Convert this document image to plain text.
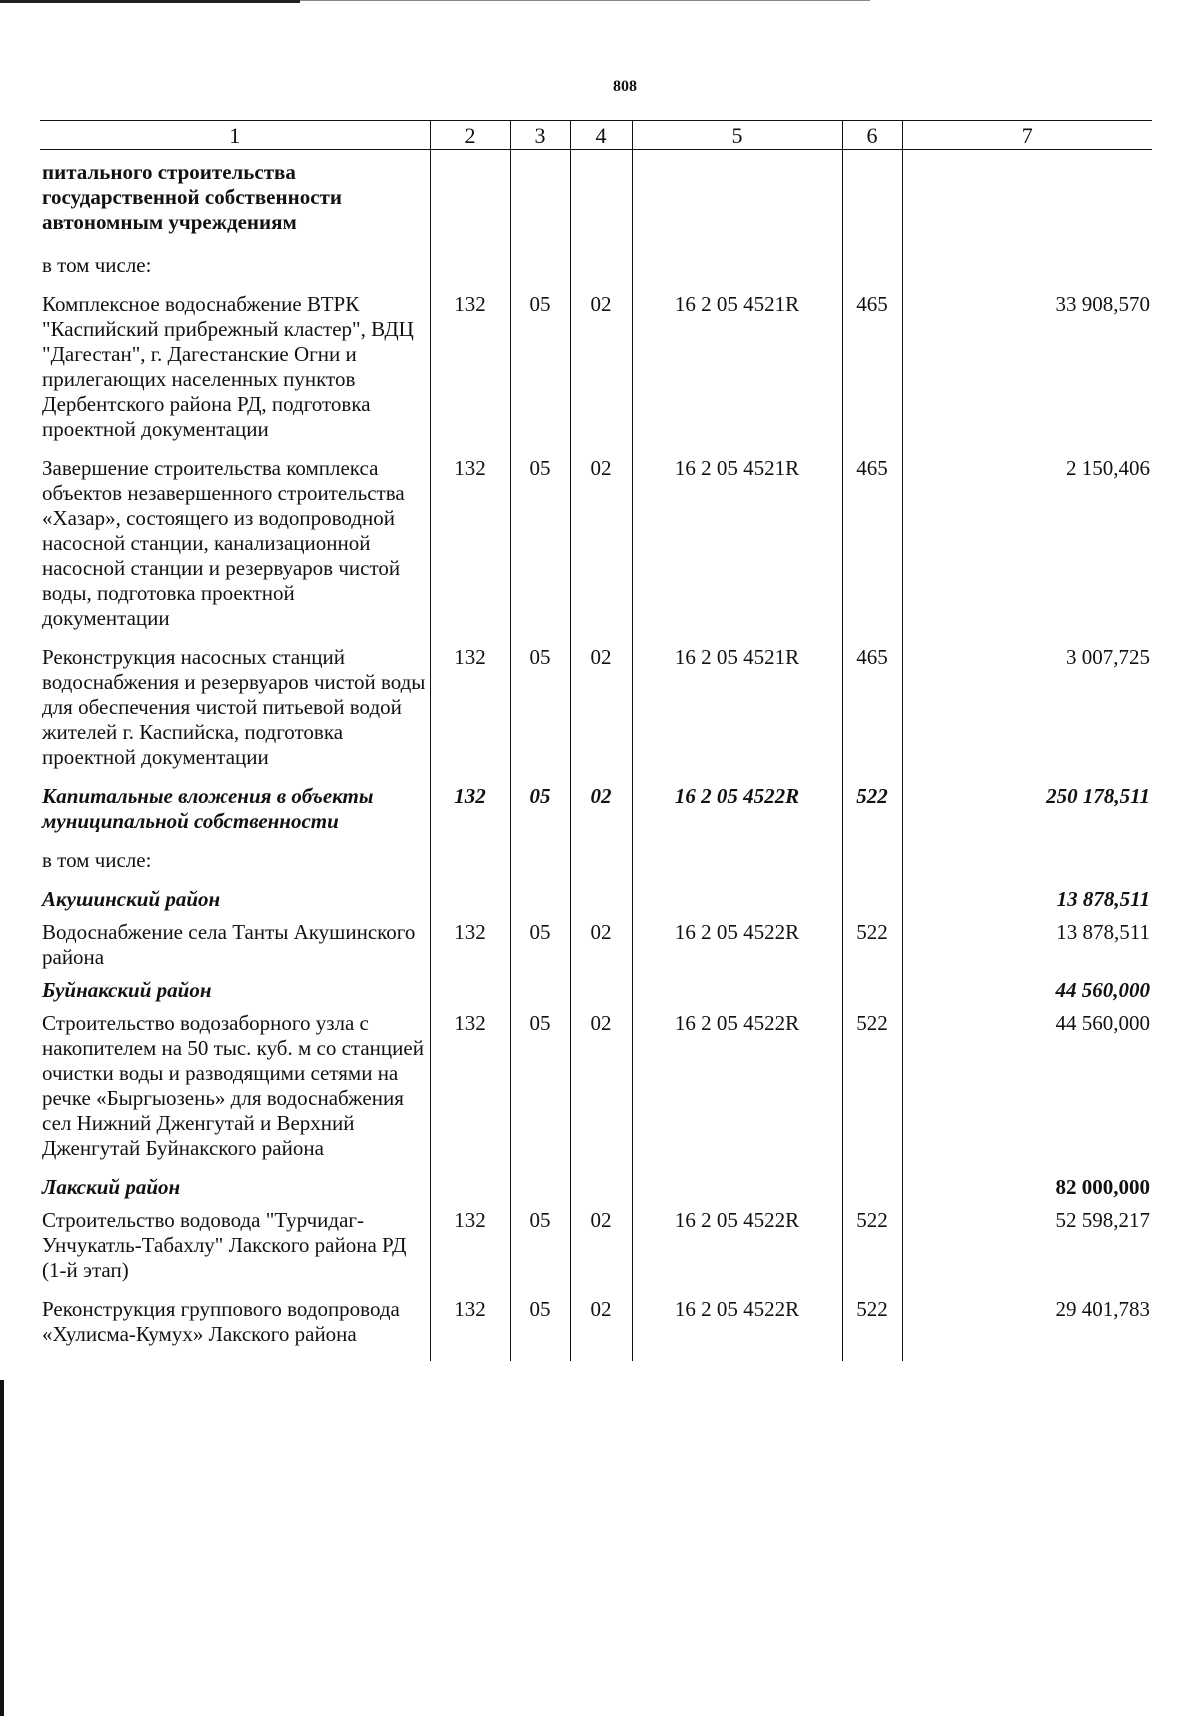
808
1	2	3	4	5	6	7
питального строительства государственной собственности автономным учреждениям						
в том числе:						
Комплексное водоснабжение ВТРК "Каспийский прибрежный кластер", ВДЦ "Дагестан", г. Дагестанские Огни и прилегающих населенных пунктов Дербентского района РД, подготовка проектной документации	132	05	02	16 2 05 4521R	465	33 908,570
Завершение строительства комплекса объектов незавершенного строительства «Хазар», состоящего из водопроводной насосной станции, канализационной насосной станции и резервуаров чистой воды, подготовка проектной документации	132	05	02	16 2 05 4521R	465	2 150,406
Реконструкция насосных станций водоснабжения и резервуаров чистой воды для обеспечения чистой питьевой водой жителей г. Каспийска, подготовка проектной документации	132	05	02	16 2 05 4521R	465	3 007,725
Капитальные вложения в объекты муниципальной собственности	132	05	02	16 2 05 4522R	522	250 178,511
в том числе:						
Акушинский район						13 878,511
Водоснабжение села Танты Акушинского района	132	05	02	16 2 05 4522R	522	13 878,511
Буйнакский район						44 560,000
Строительство водозаборного узла с накопителем на 50 тыс. куб. м со станцией очистки воды и разводящими сетями на речке «Быргыозень» для водоснабжения сел Нижний Дженгутай и Верхний Дженгутай Буйнакского района	132	05	02	16 2 05 4522R	522	44 560,000
Лакский район						82 000,000
Строительство водовода "Турчидаг-Унчукатль-Табахлу" Лакского района РД (1-й этап)	132	05	02	16 2 05 4522R	522	52 598,217
Реконструкция группового водопровода «Хулисма-Кумух» Лакского района	132	05	02	16 2 05 4522R	522	29 401,783
